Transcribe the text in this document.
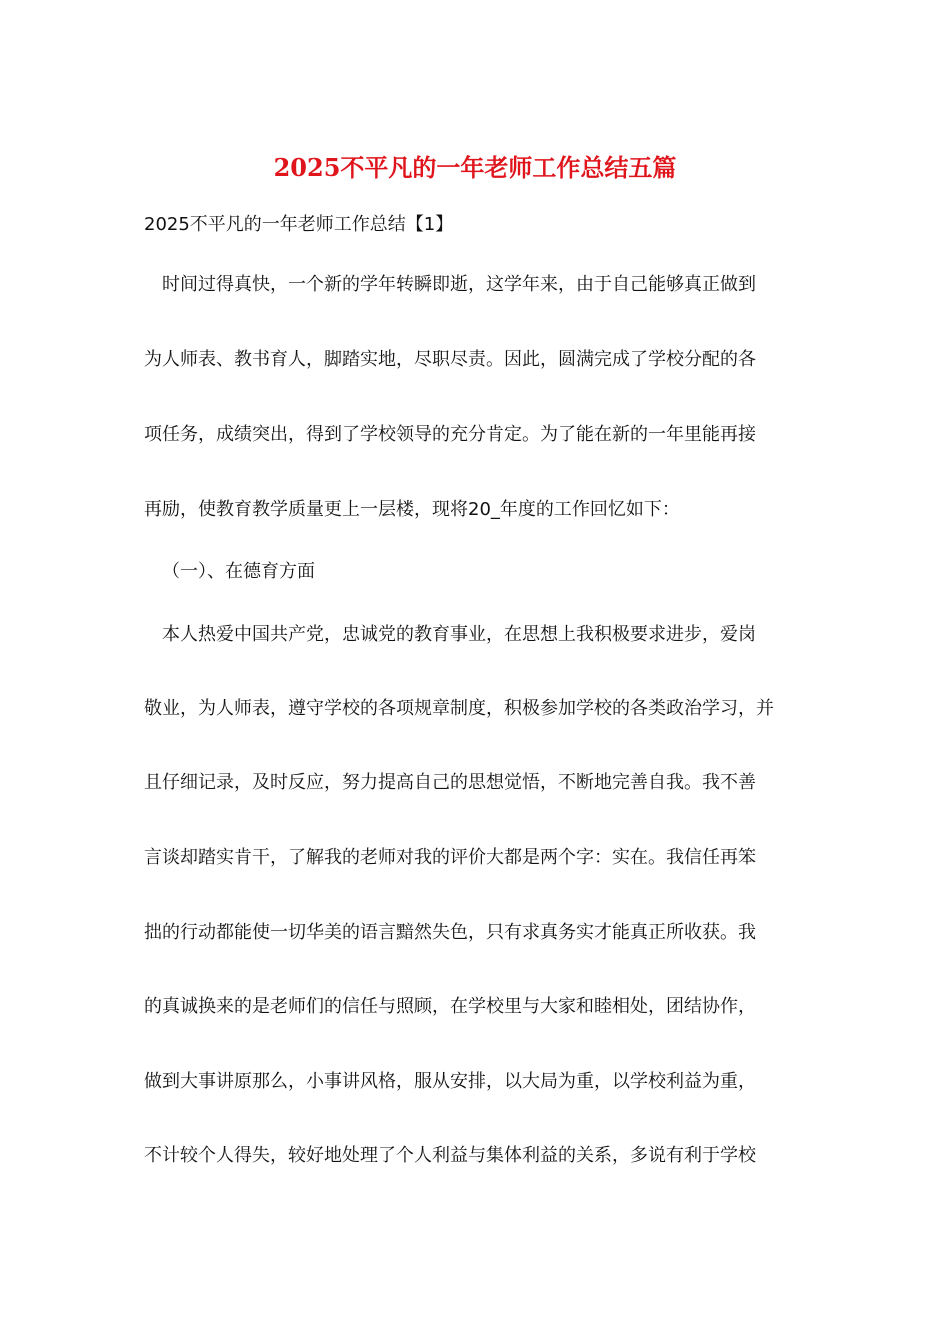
2025不平凡的一年老师工作总结五篇
2025不平凡的一年老师工作总结【1】
时间过得真快，一个新的学年转瞬即逝，这学年来，由于自己能够真正做到
为人师表、教书育人，脚踏实地，尽职尽责。因此，圆满完成了学校分配的各
项任务，成绩突出，得到了学校领导的充分肯定。为了能在新的一年里能再接
再励，使教育教学质量更上一层楼，现将20_年度的工作回忆如下：
（一）、在德育方面
本人热爱中国共产党，忠诚党的教育事业，在思想上我积极要求进步，爱岗
敬业，为人师表，遵守学校的各项规章制度，积极参加学校的各类政治学习，并
且仔细记录，及时反应，努力提高自己的思想觉悟，不断地完善自我。我不善
言谈却踏实肯干，了解我的老师对我的评价大都是两个字：实在。我信任再笨
拙的行动都能使一切华美的语言黯然失色，只有求真务实才能真正所收获。我
的真诚换来的是老师们的信任与照顾，在学校里与大家和睦相处，团结协作，
做到大事讲原那么，小事讲风格，服从安排，以大局为重，以学校利益为重，
不计较个人得失，较好地处理了个人利益与集体利益的关系，多说有利于学校
